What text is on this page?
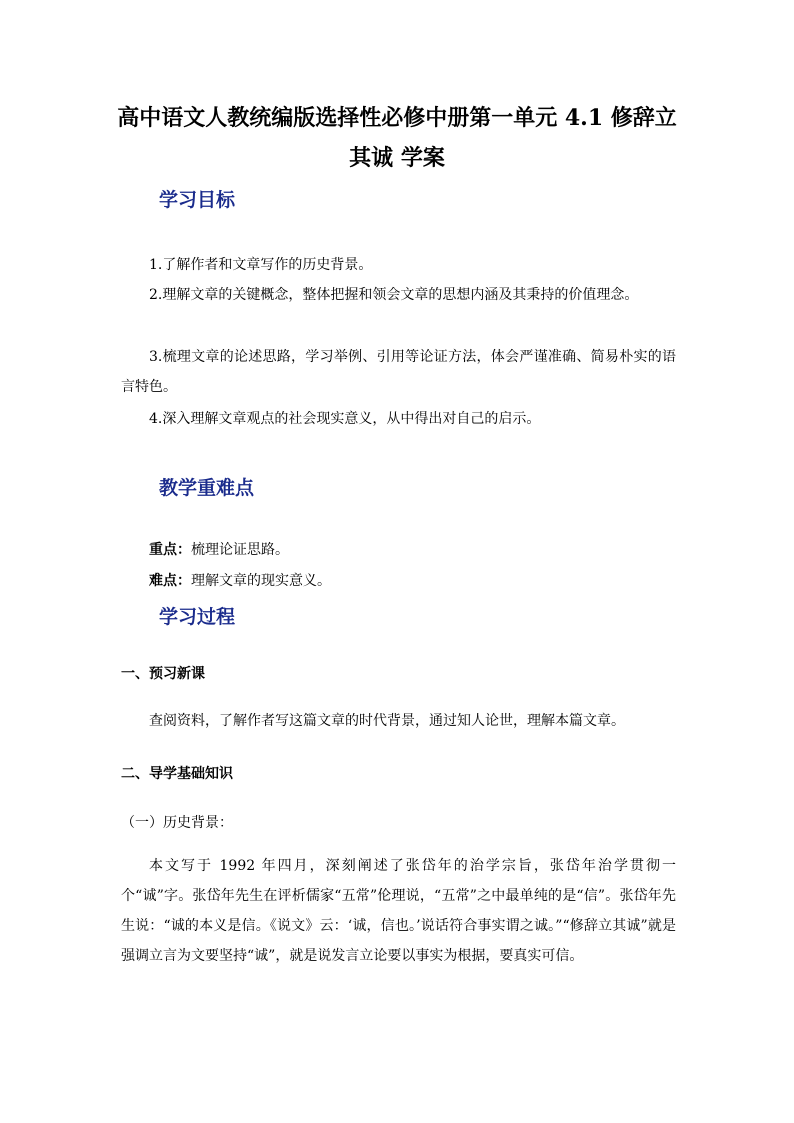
高中语文人教统编版选择性必修中册第一单元 4.1 修辞立
其诚 学案
学习目标
1.了解作者和文章写作的历史背景。
2.理解文章的关键概念，整体把握和领会文章的思想内涵及其秉持的价值理念。
3.梳理文章的论述思路，学习举例、引用等论证方法，体会严谨准确、简易朴实的语言特色。
4.深入理解文章观点的社会现实意义，从中得出对自己的启示。
教学重难点
重点：梳理论证思路。
难点：理解文章的现实意义。
学习过程
一、预习新课
查阅资料，了解作者写这篇文章的时代背景，通过知人论世，理解本篇文章。
二、导学基础知识
（一）历史背景：
本文写于 1992 年四月，深刻阐述了张岱年的治学宗旨，张岱年治学贯彻一个“诚”字。张岱年先生在评析儒家“五常”伦理说，“五常”之中最单纯的是“信”。张岱年先生说：“诚的本义是信。《说文》云：‘诚，信也。’说话符合事实谓之诚。”“修辞立其诚”就是强调立言为文要坚持“诚”，就是说发言立论要以事实为根据，要真实可信。
